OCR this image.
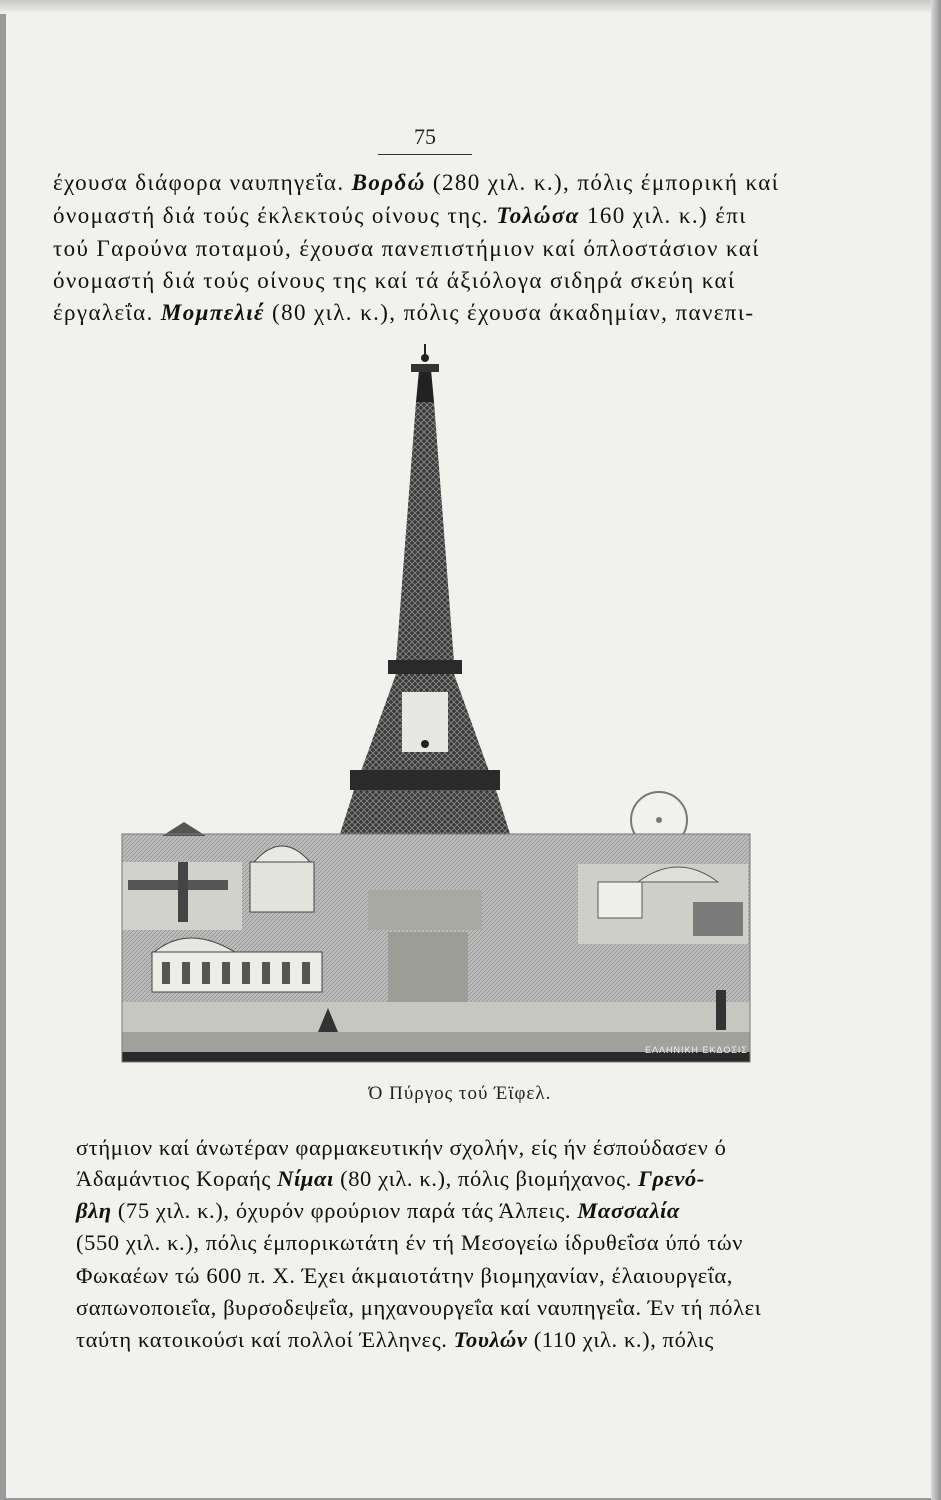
75

έχουσα διάφορα ναυπηγεΐα. Βορδώ (280 χιλ. κ.), πόλις έμπορική καί

όνομαστή διά τούς έκλεκτούς οίνους της. Τολώσα 160 χιλ. κ.) έπι

τού Γαρούνα ποταμού, έχουσα πανεπιστήμιον καί όπλοστάσιον καί

όνομαστή διά τούς οίνους της καί τά άξιόλογα σιδηρά σκεύη καί

έργαλεΐα. Μομπελιέ (80 χιλ. κ.), πόλις έχουσα άκαδημίαν, πανεπι-

ΕΛΛΗΝΙΚΗ ΕΚΔΟΣΙΣ
Ό Πύργος τού Έϊφελ.

στήμιον καί άνωτέραν φαρμακευτικήν σχολήν, είς ήν έσπούδασεν ό

Άδαμάντιος Κοραής Νίμαι (80 χιλ. κ.), πόλις βιομήχανος. Γρενό-

βλη (75 χιλ. κ.), όχυρόν φρούριον παρά τάς Άλπεις. Μασσαλία

(550 χιλ. κ.), πόλις έμπορικωτάτη έν τή Μεσογείω ίδρυθεΐσα ύπό τών

Φωκαέων τώ 600 π. Χ. Έχει άκμαιοτάτην βιομηχανίαν, έλαιουργεΐα,

σαπωνοποιεΐα, βυρσοδεψεΐα, μηχανουργεΐα καί ναυπηγεΐα. Έν τή πόλει

ταύτη κατοικούσι καί πολλοί Έλληνες. Τουλών (110 χιλ. κ.), πόλις
